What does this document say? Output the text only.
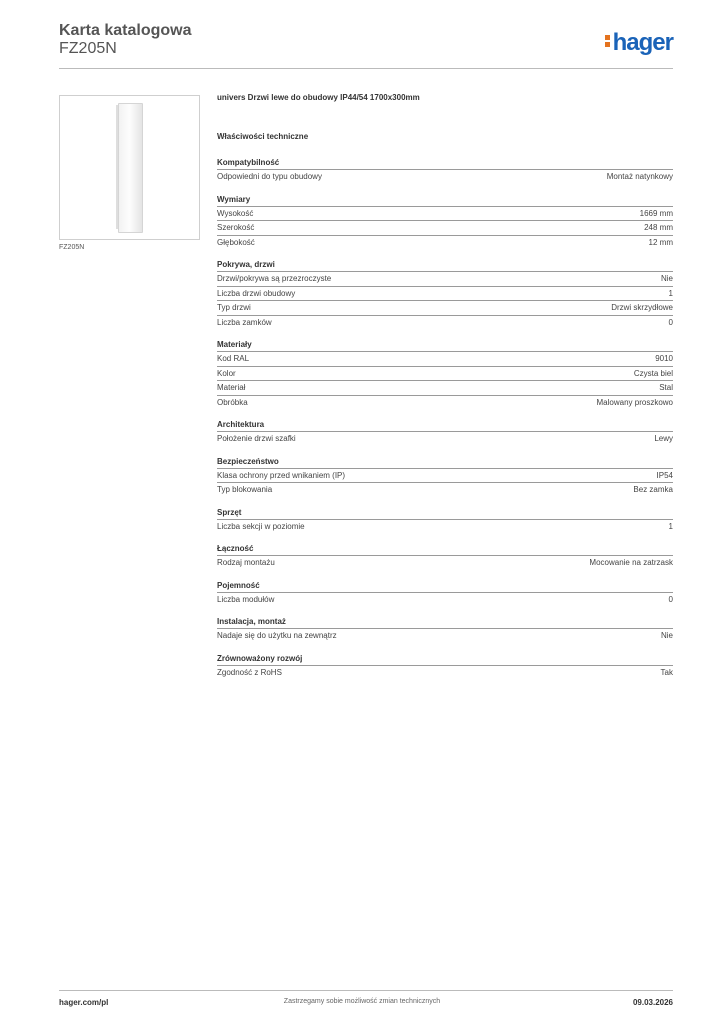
Karta katalogowa
FZ205N	hager
FZ205N
univers Drzwi lewe do obudowy IP44/54 1700x300mm
Właściwości techniczne
Kompatybilność
Odpowiedni do typu obudowy	Montaż natynkowy
Wymiary
Wysokość	1669 mm
Szerokość	248 mm
Głębokość	12 mm
Pokrywa, drzwi
Drzwi/pokrywa są przezroczyste	Nie
Liczba drzwi obudowy	1
Typ drzwi	Drzwi skrzydłowe
Liczba zamków	0
Materiały
Kod RAL	9010
Kolor	Czysta biel
Materiał	Stal
Obróbka	Malowany proszkowo
Architektura
Położenie drzwi szafki	Lewy
Bezpieczeństwo
Klasa ochrony przed wnikaniem (IP)	IP54
Typ blokowania	Bez zamka
Sprzęt
Liczba sekcji w poziomie	1
Łączność
Rodzaj montażu	Mocowanie na zatrzask
Pojemność
Liczba modułów	0
Instalacja, montaż
Nadaje się do użytku na zewnątrz	Nie
Zrównoważony rozwój
Zgodność z RoHS	Tak
hager.com/pl	Zastrzegamy sobie możliwość zmian technicznych	09.03.2026
